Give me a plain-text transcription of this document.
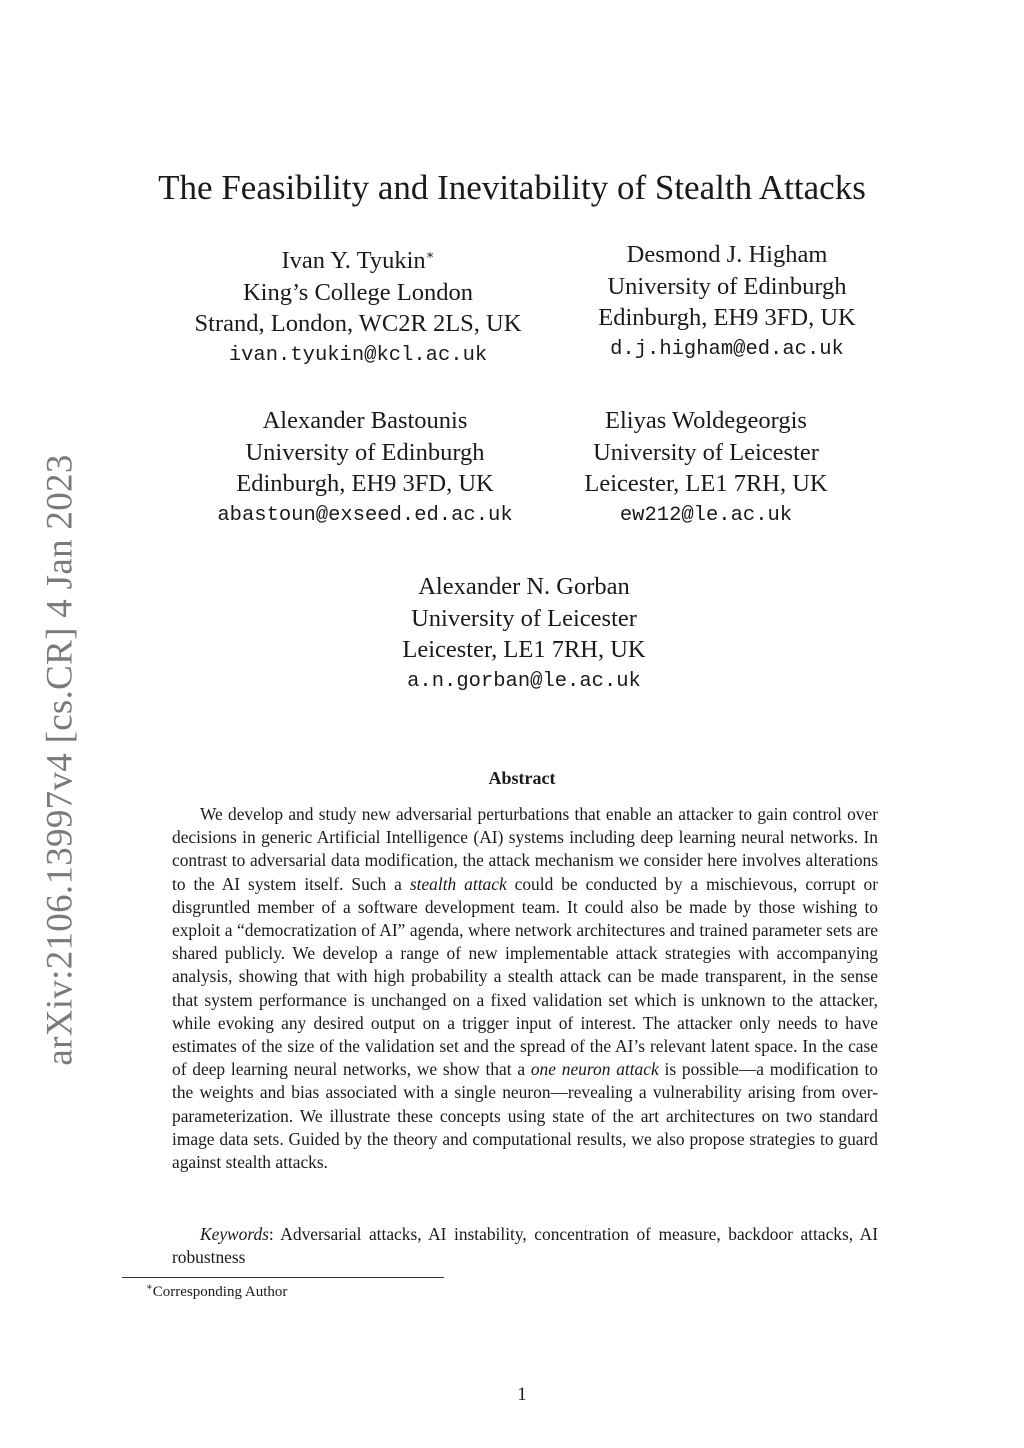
arXiv:2106.13997v4 [cs.CR] 4 Jan 2023
The Feasibility and Inevitability of Stealth Attacks
Ivan Y. Tyukin∗
King’s College London
Strand, London, WC2R 2LS, UK
ivan.tyukin@kcl.ac.uk
Desmond J. Higham
University of Edinburgh
Edinburgh, EH9 3FD, UK
d.j.higham@ed.ac.uk
Alexander Bastounis
University of Edinburgh
Edinburgh, EH9 3FD, UK
abastoun@exseed.ed.ac.uk
Eliyas Woldegeorgis
University of Leicester
Leicester, LE1 7RH, UK
ew212@le.ac.uk
Alexander N. Gorban
University of Leicester
Leicester, LE1 7RH, UK
a.n.gorban@le.ac.uk
Abstract

We develop and study new adversarial perturbations that enable an attacker to gain control over decisions in generic Artificial Intelligence (AI) systems including deep learning neural networks. In contrast to adversarial data modification, the attack mechanism we consider here involves alterations to the AI system itself. Such a stealth attack could be conducted by a mischievous, corrupt or disgruntled member of a software development team. It could also be made by those wishing to exploit a “democratization of AI” agenda, where network architectures and trained parameter sets are shared publicly. We develop a range of new implementable attack strategies with accompanying analysis, showing that with high probability a stealth attack can be made transparent, in the sense that system performance is unchanged on a fixed validation set which is unknown to the attacker, while evoking any desired output on a trigger input of interest. The attacker only needs to have estimates of the size of the validation set and the spread of the AI’s relevant latent space. In the case of deep learning neural networks, we show that a one neuron attack is possible—a modification to the weights and bias associated with a single neuron—revealing a vulnerability arising from over-parameterization. We illustrate these concepts using state of the art architectures on two standard image data sets. Guided by the theory and computational results, we also propose strategies to guard against stealth attacks.

Keywords: Adversarial attacks, AI instability, concentration of measure, backdoor attacks, AI robustness

∗Corresponding Author
1
